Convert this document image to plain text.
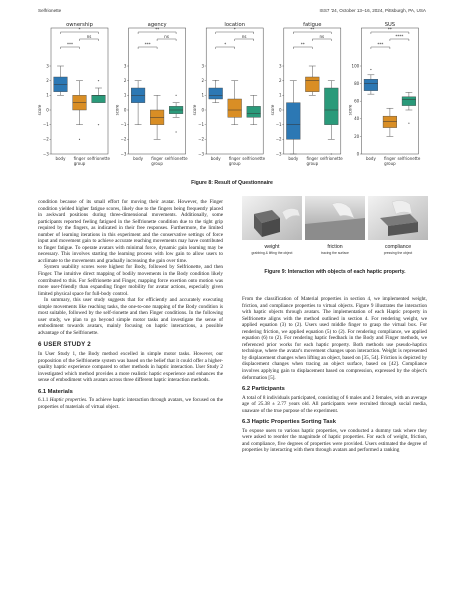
Selfrionette	ISS7 '24, October 13–16, 2024, Pittsburgh, PA, USA
ownership
−3
−2
−1
0
1
2
3
score
body finger selfrionette
group
*
ns
***
agency
−3
−2
−1
0
1
2
3
score
body finger selfrionette
group
**
ns
***
location
−3
−2
−1
0
1
2
3
score
body finger selfrionette
group
*
ns
*
fatigue
−3
−2
−1
0
1
2
3
score
body finger selfrionette
group
**
ns
**
SUS
0
20
40
60
80
100
score
body finger selfrionette
group
**
****
***
Figure 8: Result of Questionnaire

condition because of its small effort for moving their avatar. However, the Finger condition yielded higher fatigue scores, likely due to the fingers being frequently placed in awkward positions during three-dimensional movements. Additionally, some participants reported feeling fatigued in the Selfrionette condition due to the tight grip required by the fingers, as indicated in their free responses. Furthermore, the limited number of learning iterations in this experiment and the conservative settings of force input and movement gain to achieve accurate reaching movements may have contributed to finger fatigue. To operate avatars with minimal force, dynamic gain learning may be necessary. This involves starting the learning process with low gain to allow users to acclimate to the movements and gradually increasing the gain over time.

System usability scores were highest for Body, followed by Selfrionette, and then Finger. The intuitive direct mapping of bodily movements in the Body condition likely contributed to this. For Selfrionette and Finger, mapping force exertion onto motion was more user-friendly than expanding finger mobility for avatar actions, especially given limited physical space for full-body control.

In summary, this user study suggests that for efficiently and accurately executing simple movements like reaching tasks, the one-to-one mapping of the Body condition is most suitable, followed by the self-rionette and then Finger conditions. In the following user study, we plan to go beyond simple motor tasks and investigate the sense of embodiment towards avatars, mainly focusing on haptic interactions, a possible advantage of the Selfrionette.

6 USER STUDY 2

In User Study 1, the Body method excelled in simple motor tasks. However, our proposition of the Selfrionette system was based on the belief that it could offer a higher-quality haptic experience compared to other methods in haptic interaction. User Study 2 investigated which method provides a more realistic haptic experience and enhances the sense of embodiment with avatars across three different haptic interaction methods.

6.1 Materials

6.1.1 Haptic properties. To achieve haptic interaction through avatars, we focused on the properties of materials of virtual object.

weight
grabbing & lifting the object
friction
tracing the surface
compliance
pressing the object
Figure 9: Interaction with objects of each haptic property.

From the classification of Material properties in section 4, we implemented weight, friction, and compliance properties to virtual objects. Figure 9 illustrates the interaction with haptic objects through avatars. The implementation of each Haptic property in Selfrionette aligns with the method outlined in section 4. For rendering weight, we applied equation (3) to (2). Users used middle finger to grasp the virtual box. For rendering friction, we applied equation (5) to (2). For rendering compliance, we applied equation (6) to (2). For rendering haptic feedback in the Body and Finger methods, we referenced prior works for each haptic property. Both methods use pseudo-haptics technique, where the avatar's movement changes upon interaction. Weight is represented by displacement changes when lifting an object, based on [35, 54]. Friction is depicted by displacement changes when tracing an object surface, based on [42]. Compliance involves applying gain to displacement based on compression, expressed by the object's deformation [5].

6.2 Participants

A total of 8 individuals participated, consisting of 6 males and 2 females, with an average age of 25.38 ± 2.77 years old. All participants were recruited through social media, unaware of the true purpose of the experiment.

6.3 Haptic Properties Sorting Task

To expose users to various haptic properties, we conducted a dummy task where they were asked to reorder the magnitude of haptic properties. For each of weight, friction, and compliance, five degrees of properties were provided. Users estimated the degree of properties by interacting with them through avatars and performed a ranking
